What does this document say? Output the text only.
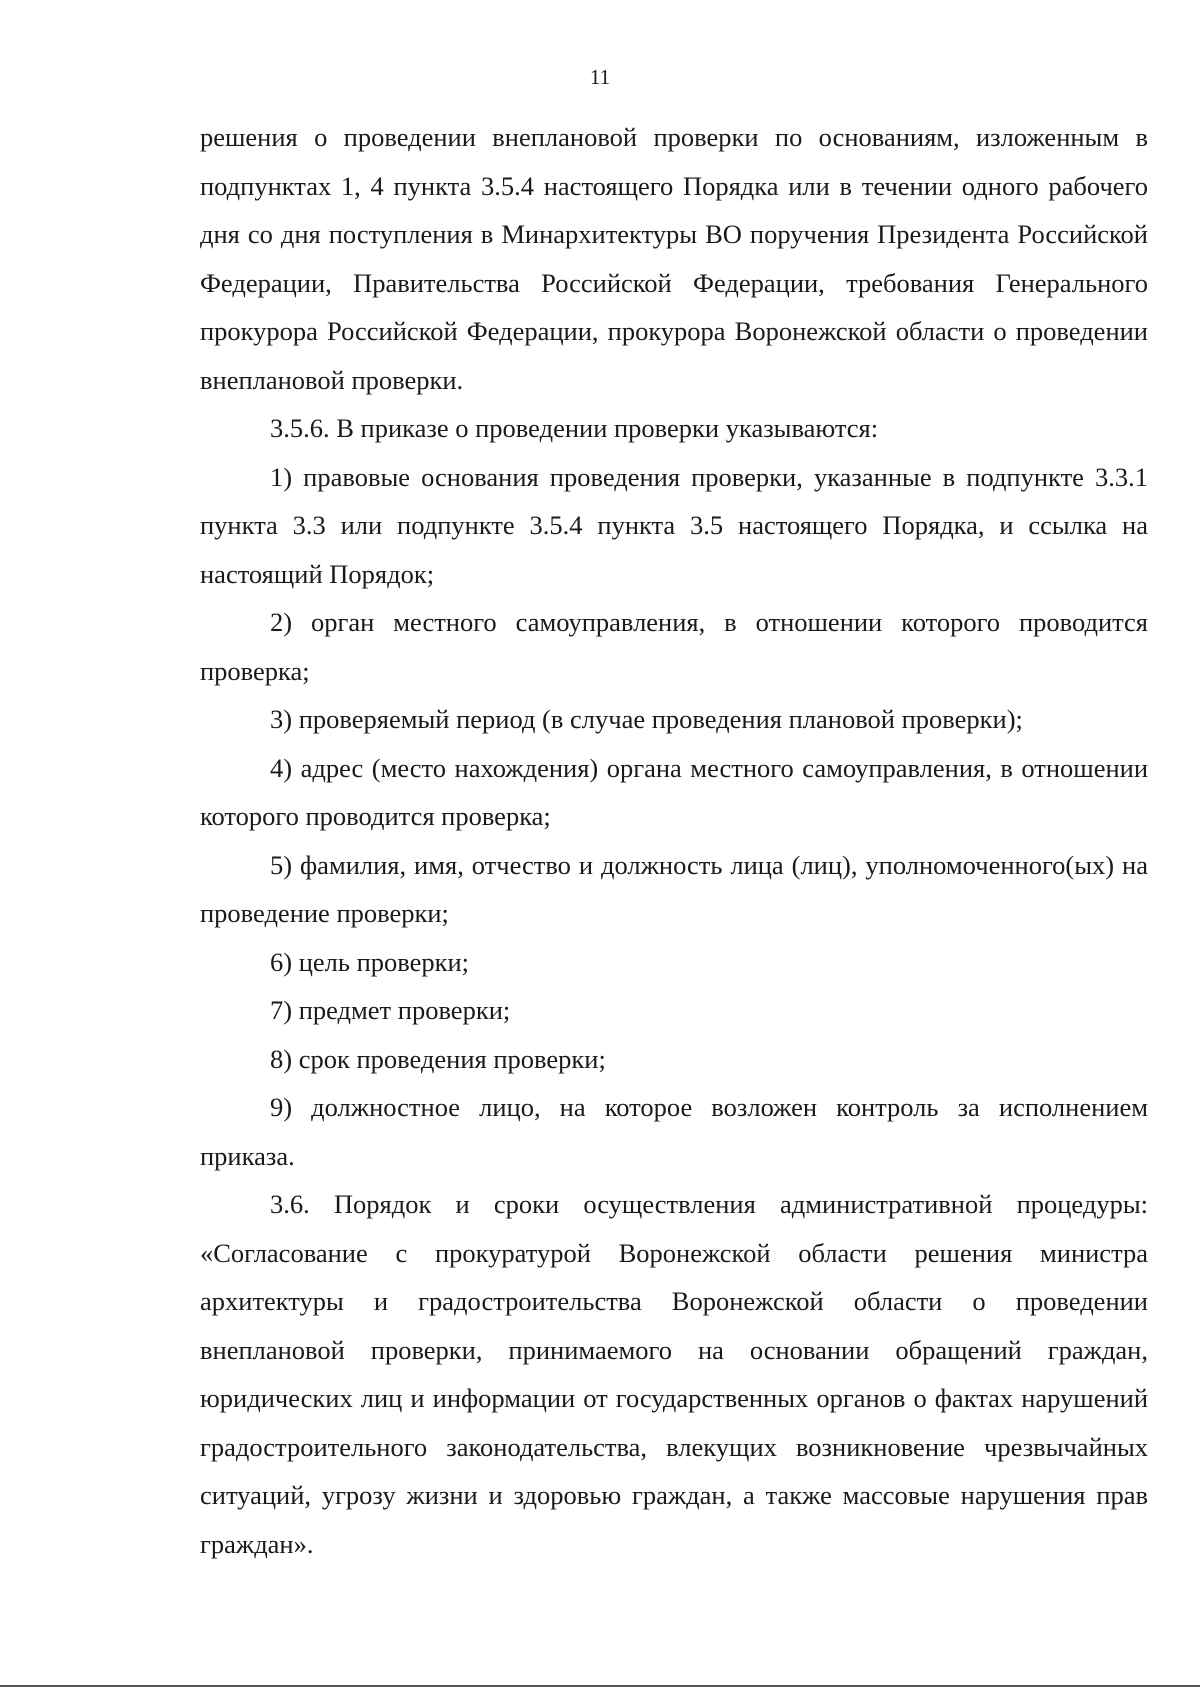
11

решения о проведении внеплановой проверки по основаниям, изложенным в подпунктах 1, 4 пункта 3.5.4 настоящего Порядка или в течении одного рабочего дня со дня поступления в Минархитектуры ВО поручения Президента Российской Федерации, Правительства Российской Федерации, требования Генерального прокурора Российской Федерации, прокурора Воронежской области о проведении внеплановой проверки.

3.5.6. В приказе о проведении проверки указываются:

1) правовые основания проведения проверки, указанные в подпункте 3.3.1 пункта 3.3 или подпункте 3.5.4 пункта 3.5 настоящего Порядка, и ссылка на настоящий Порядок;

2) орган местного самоуправления, в отношении которого проводится проверка;

3) проверяемый период (в случае проведения плановой проверки);

4) адрес (место нахождения) органа местного самоуправления, в отношении которого проводится проверка;

5) фамилия, имя, отчество и должность лица (лиц), уполномоченного(ых) на проведение проверки;

6) цель проверки;

7) предмет проверки;

8) срок проведения проверки;

9) должностное лицо, на которое возложен контроль за исполнением приказа.

3.6. Порядок и сроки осуществления административной процедуры: «Согласование с прокуратурой Воронежской области решения министра архитектуры и градостроительства Воронежской области о проведении внеплановой проверки, принимаемого на основании обращений граждан, юридических лиц и информации от государственных органов о фактах нарушений градостроительного законодательства, влекущих возникновение чрезвычайных ситуаций, угрозу жизни и здоровью граждан, а также массовые нарушения прав граждан».
